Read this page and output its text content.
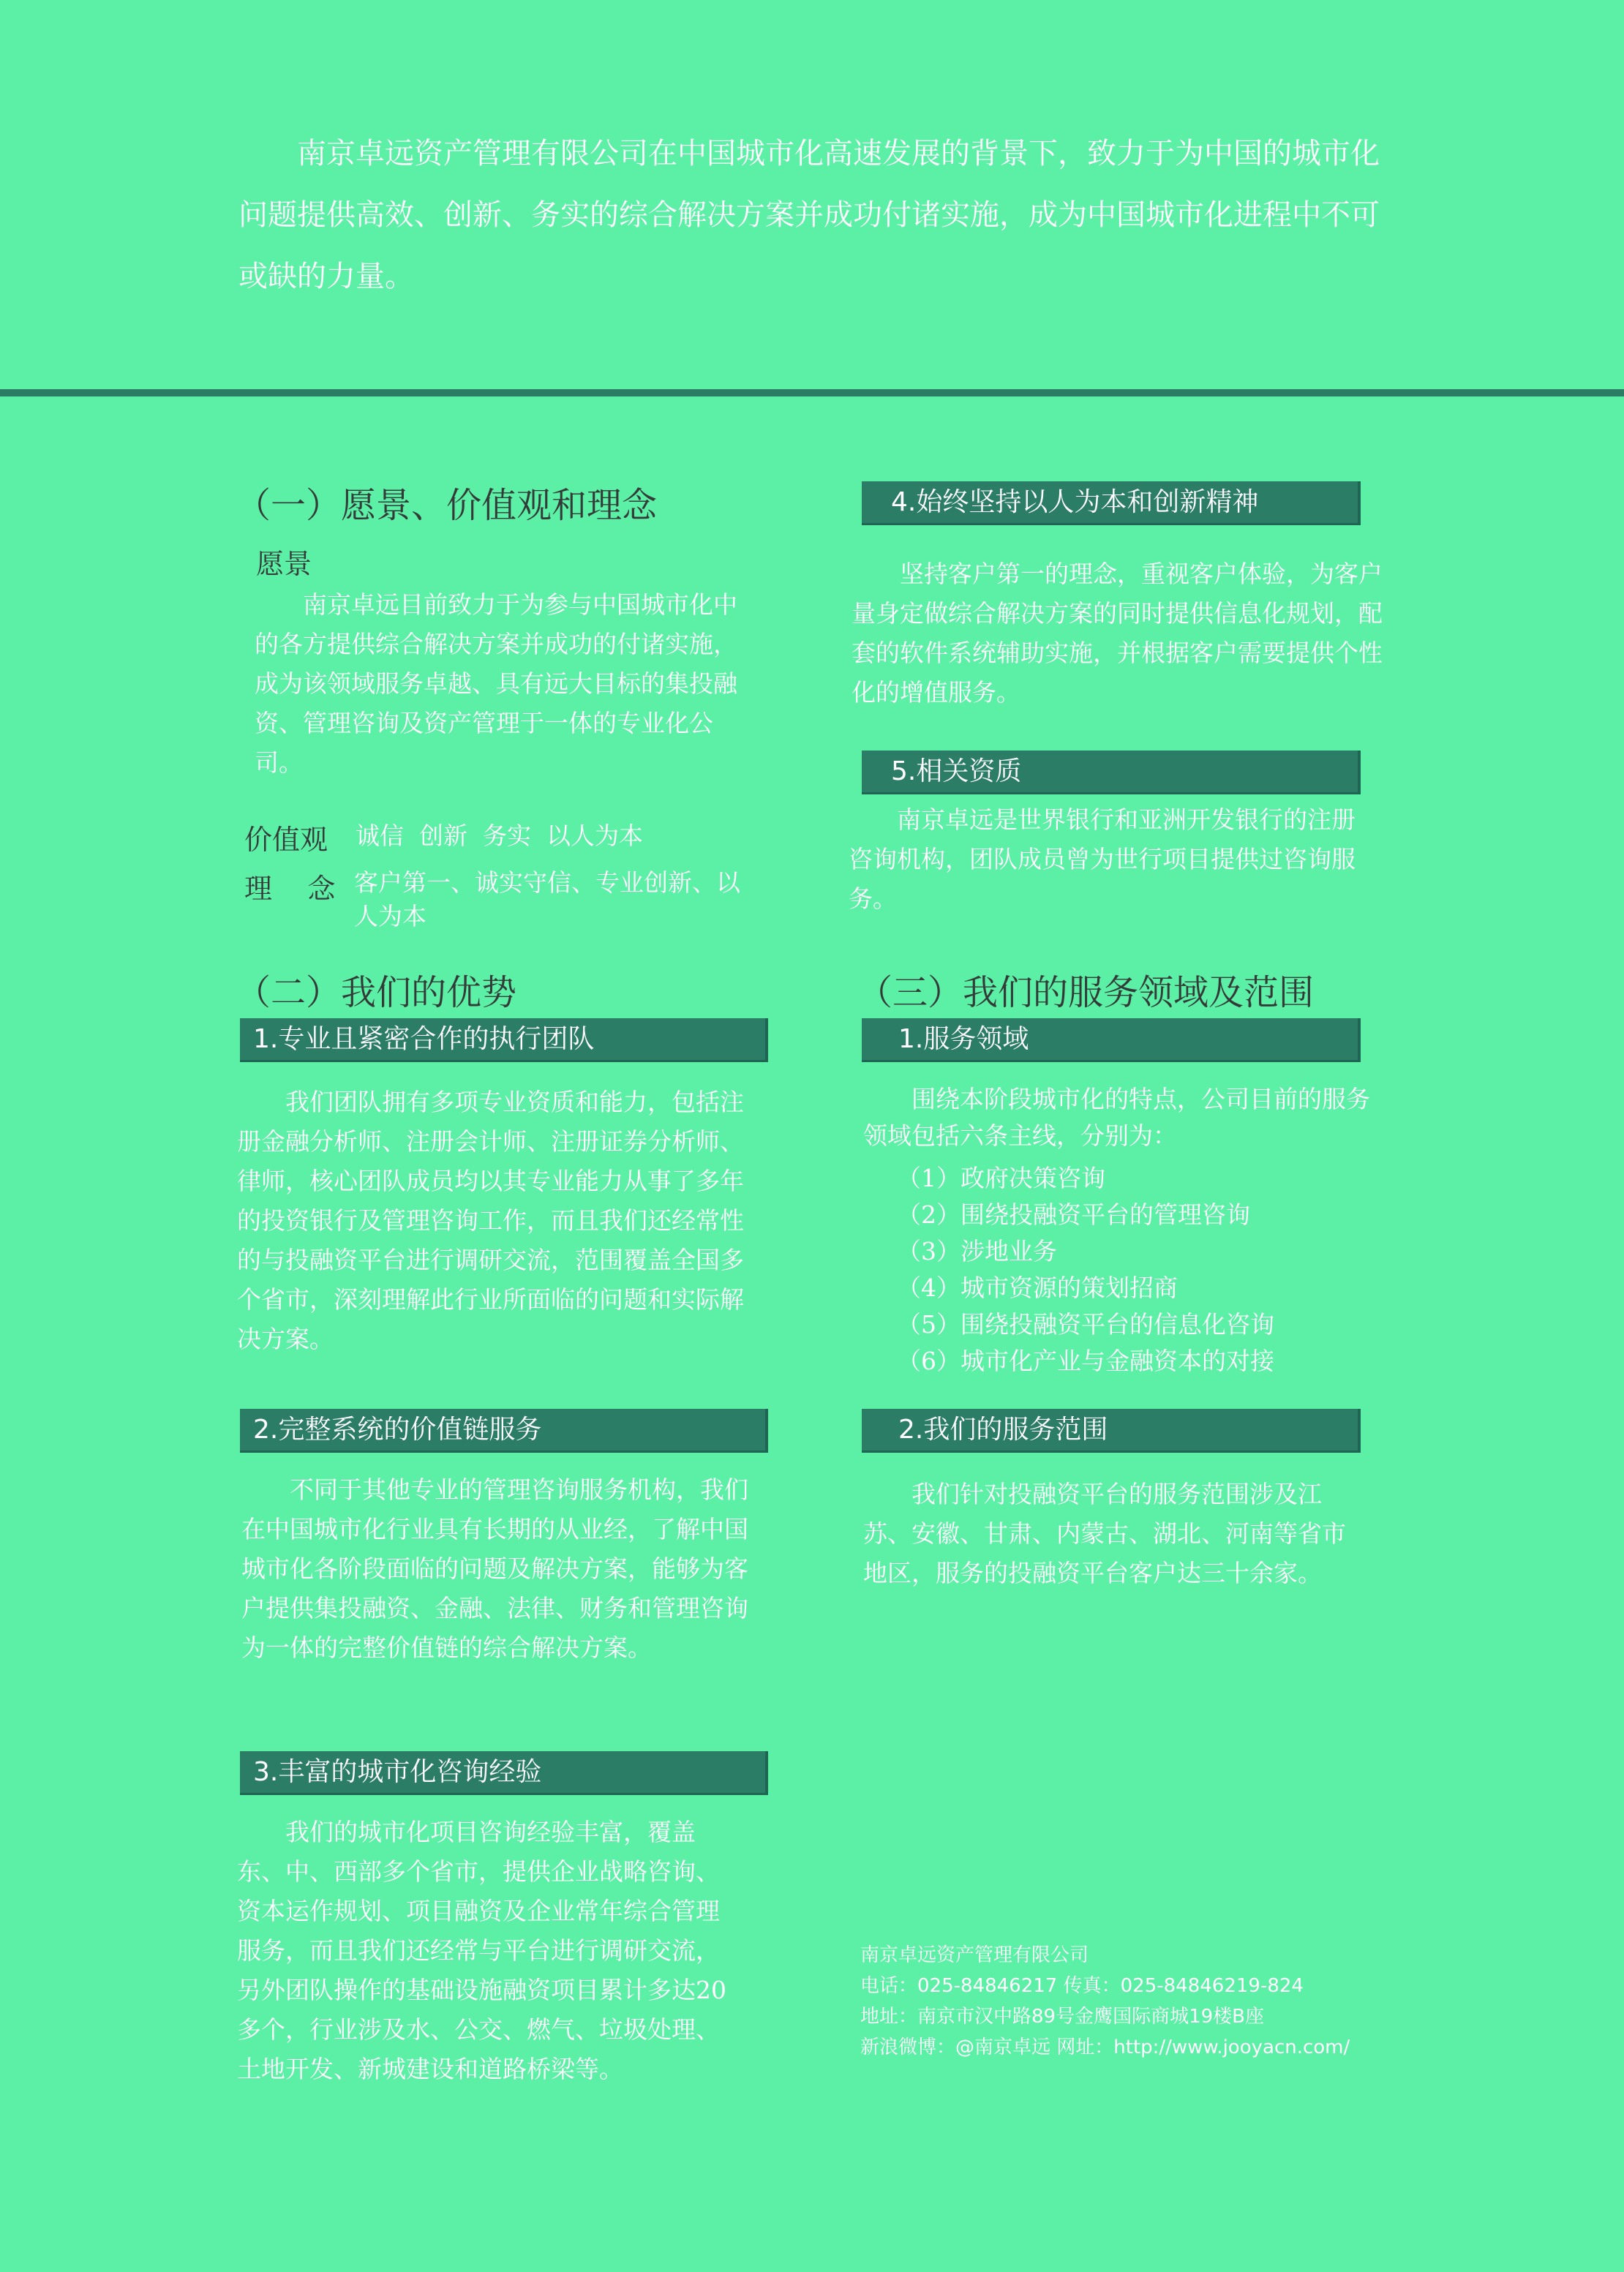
南京卓远资产管理有限公司在中国城市化高速发展的背景下，致力于为中国的城市化问题提供高效、创新、务实的综合解决方案并成功付诸实施，成为中国城市化进程中不可或缺的力量。
（一）愿景、价值观和理念
愿景
南京卓远目前致力于为参与中国城市化中的各方提供综合解决方案并成功的付诸实施，成为该领域服务卓越、具有远大目标的集投融资、管理咨询及资产管理于一体的专业化公司。
价值观 诚信  创新  务实  以人为本
理    念 客户第一、诚实守信、专业创新、以人为本
（二）我们的优势
1.专业且紧密合作的执行团队
我们团队拥有多项专业资质和能力，包括注册金融分析师、注册会计师、注册证券分析师、律师，核心团队成员均以其专业能力从事了多年的投资银行及管理咨询工作，而且我们还经常性的与投融资平台进行调研交流，范围覆盖全国多个省市，深刻理解此行业所面临的问题和实际解决方案。
2.完整系统的价值链服务
不同于其他专业的管理咨询服务机构，我们在中国城市化行业具有长期的从业经，了解中国城市化各阶段面临的问题及解决方案，能够为客户提供集投融资、金融、法律、财务和管理咨询为一体的完整价值链的综合解决方案。
3.丰富的城市化咨询经验
我们的城市化项目咨询经验丰富，覆盖东、中、西部多个省市，提供企业战略咨询、资本运作规划、项目融资及企业常年综合管理服务，而且我们还经常与平台进行调研交流，另外团队操作的基础设施融资项目累计多达20多个，行业涉及水、公交、燃气、垃圾处理、土地开发、新城建设和道路桥梁等。
4.始终坚持以人为本和创新精神
坚持客户第一的理念，重视客户体验，为客户量身定做综合解决方案的同时提供信息化规划，配套的软件系统辅助实施，并根据客户需要提供个性化的增值服务。
5.相关资质
南京卓远是世界银行和亚洲开发银行的注册咨询机构，团队成员曾为世行项目提供过咨询服务。
（三）我们的服务领域及范围
1.服务领域
围绕本阶段城市化的特点，公司目前的服务领域包括六条主线，分别为：
（1）政府决策咨询
（2）围绕投融资平台的管理咨询
（3）涉地业务
（4）城市资源的策划招商
（5）围绕投融资平台的信息化咨询
（6）城市化产业与金融资本的对接
2.我们的服务范围
我们针对投融资平台的服务范围涉及江苏、安徽、甘肃、内蒙古、湖北、河南等省市地区，服务的投融资平台客户达三十余家。
南京卓远资产管理有限公司
电话：025-84846217 传真：025-84846219-824
地址：南京市汉中路89号金鹰国际商城19楼B座
新浪微博：@南京卓远 网址：http://www.jooyacn.com/
